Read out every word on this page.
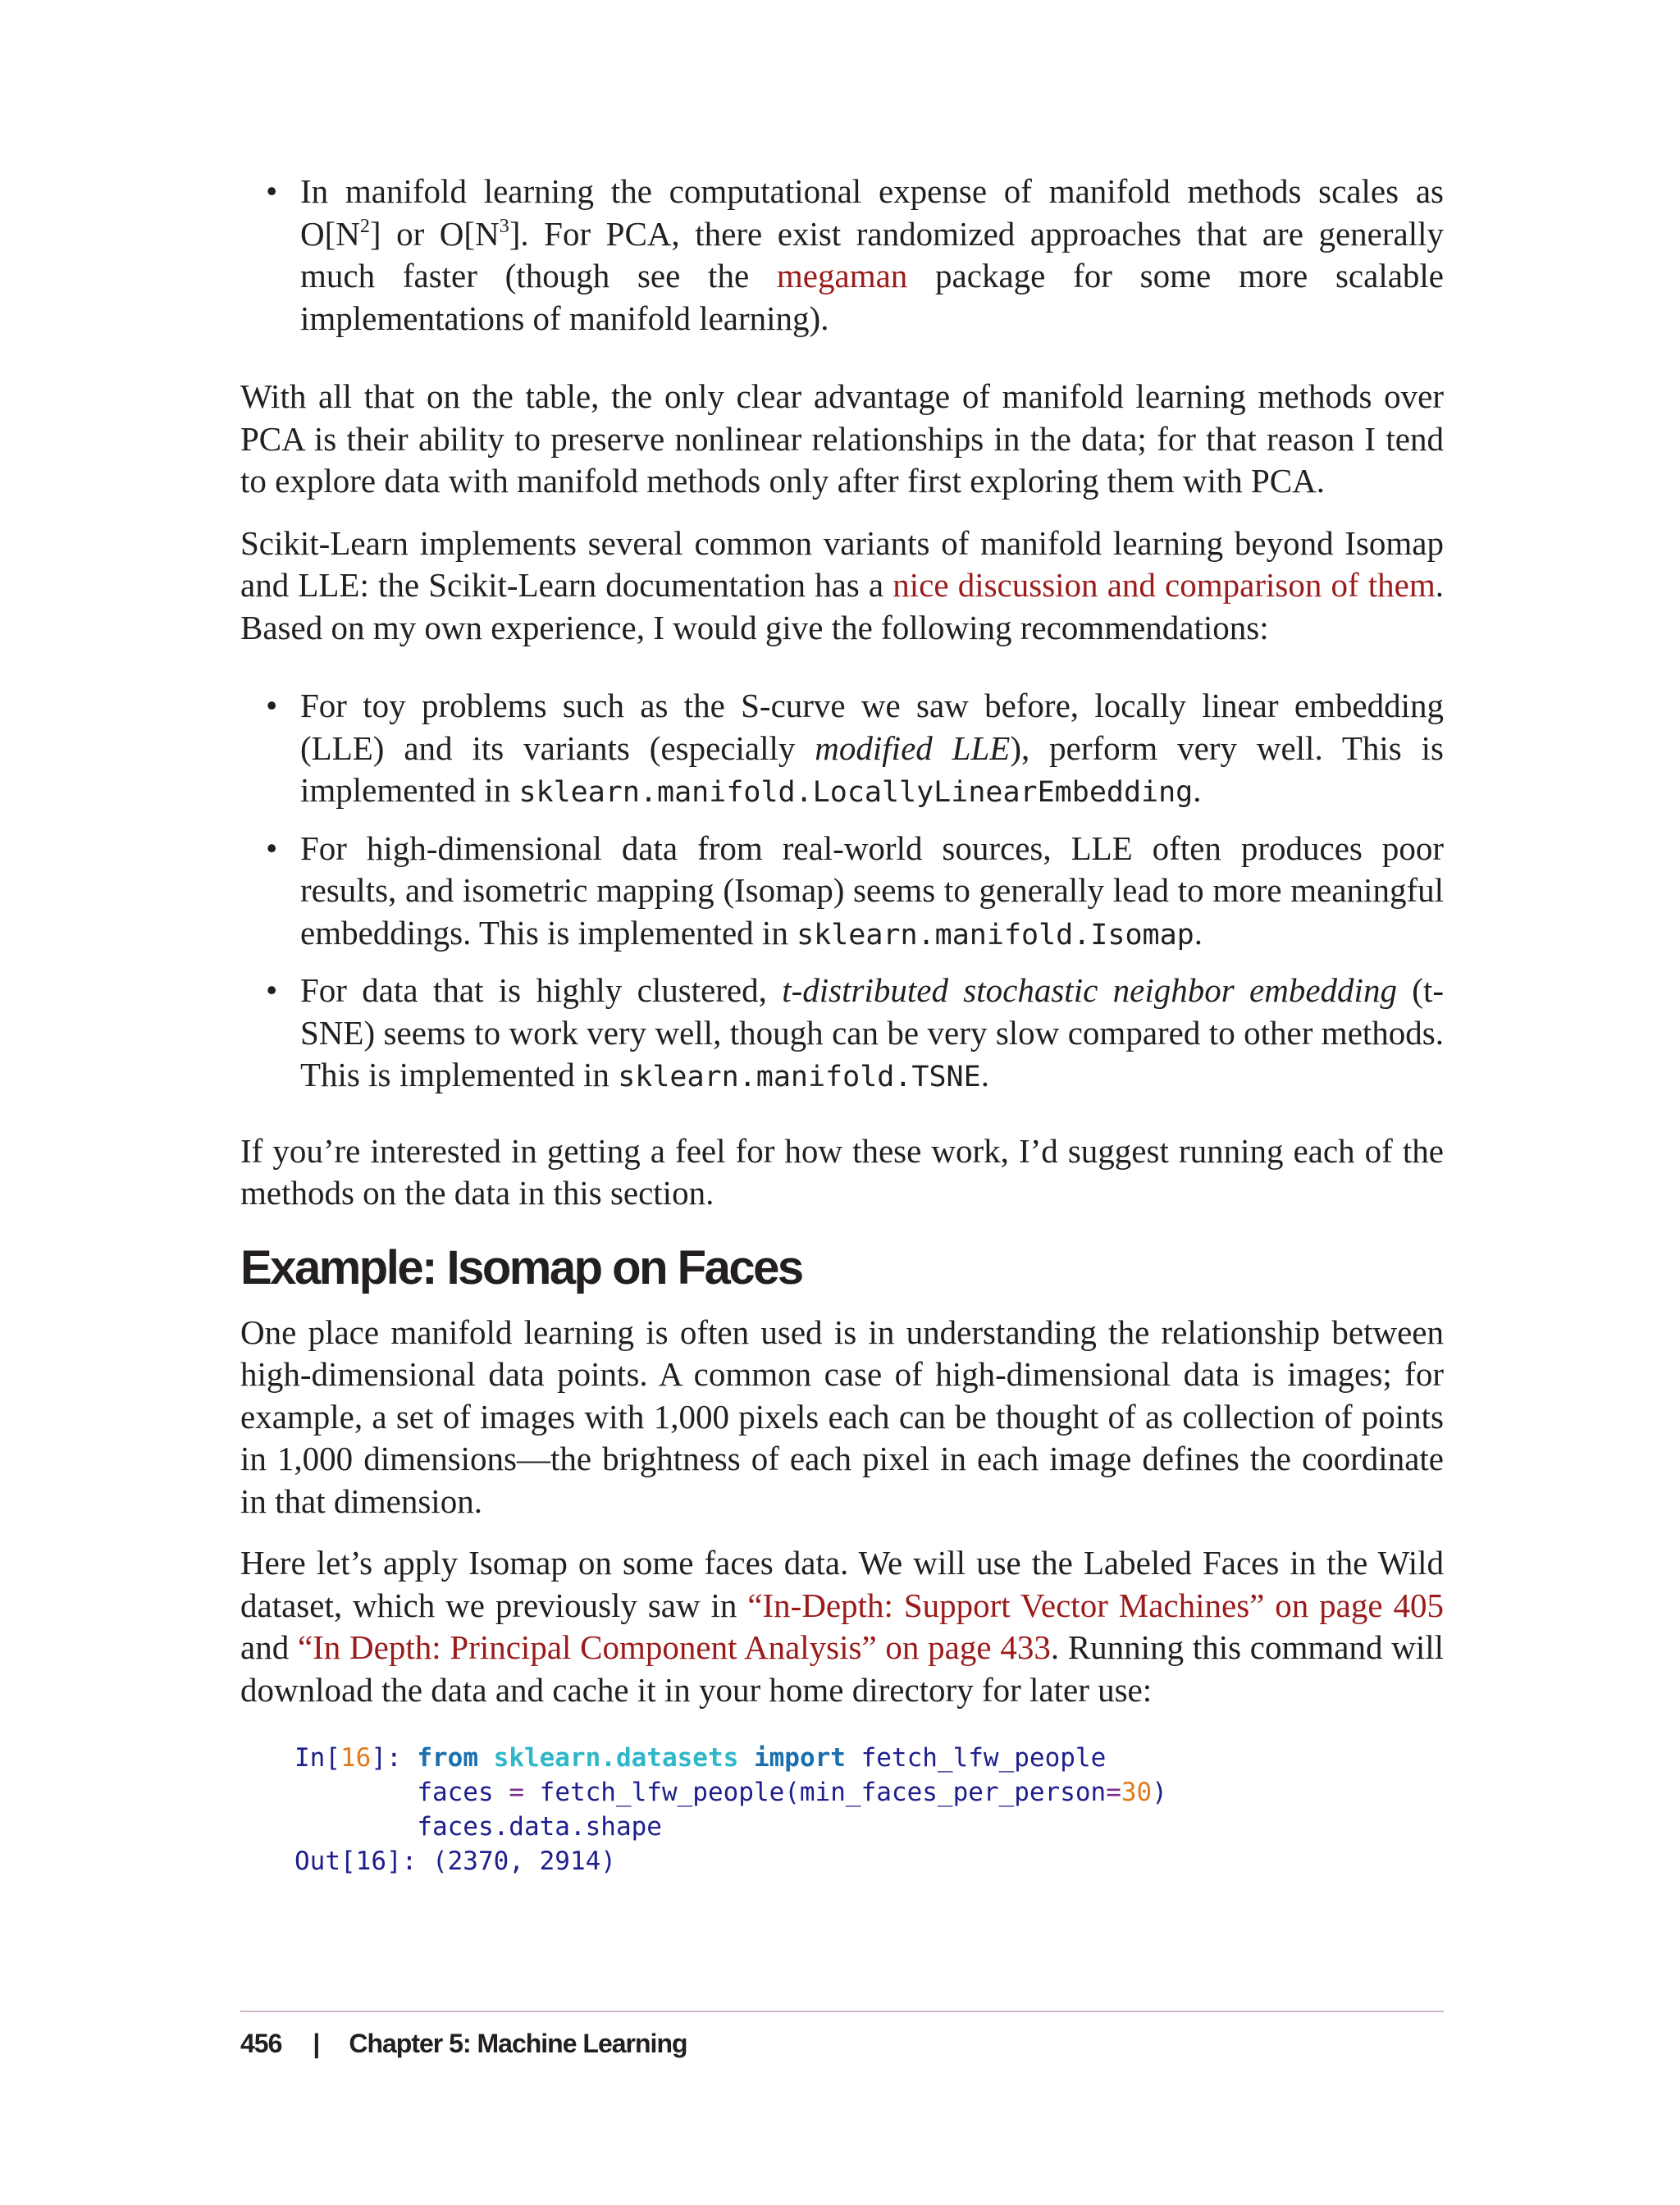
• In manifold learning the computational expense of manifold methods scales as $O[N^2]$ or $O[N^3]$. For PCA, there exist randomized approaches that are generally much faster (though see the megaman package for some more scalable implementations of manifold learning).

With all that on the table, the only clear advantage of manifold learning methods over PCA is their ability to preserve nonlinear relationships in the data; for that reason I tend to explore data with manifold methods only after first exploring them with PCA.

Scikit-Learn implements several common variants of manifold learning beyond Isomap and LLE: the Scikit-Learn documentation has a nice discussion and comparison of them. Based on my own experience, I would give the following recommendations:

• For toy problems such as the S-curve we saw before, locally linear embedding (LLE) and its variants (especially modified LLE), perform very well. This is implemented in sklearn.manifold.LocallyLinearEmbedding.
• For high-dimensional data from real-world sources, LLE often produces poor results, and isometric mapping (Isomap) seems to generally lead to more meaningful embeddings. This is implemented in sklearn.manifold.Isomap.
• For data that is highly clustered, t-distributed stochastic neighbor embedding (t-SNE) seems to work very well, though can be very slow compared to other methods. This is implemented in sklearn.manifold.TSNE.

If you’re interested in getting a feel for how these work, I’d suggest running each of the methods on the data in this section.

Example: Isomap on Faces

One place manifold learning is often used is in understanding the relationship between high-dimensional data points. A common case of high-dimensional data is images; for example, a set of images with 1,000 pixels each can be thought of as collection of points in 1,000 dimensions—the brightness of each pixel in each image defines the coordinate in that dimension.

Here let’s apply Isomap on some faces data. We will use the Labeled Faces in the Wild dataset, which we previously saw in “In-Depth: Support Vector Machines” on page 405 and “In Depth: Principal Component Analysis” on page 433. Running this command will download the data and cache it in your home directory for later use:

In[16]: from sklearn.datasets import fetch_lfw_people
faces = fetch_lfw_people(min_faces_per_person=30)
faces.data.shape
Out[16]: (2370, 2914)
456 | Chapter 5: Machine Learning
